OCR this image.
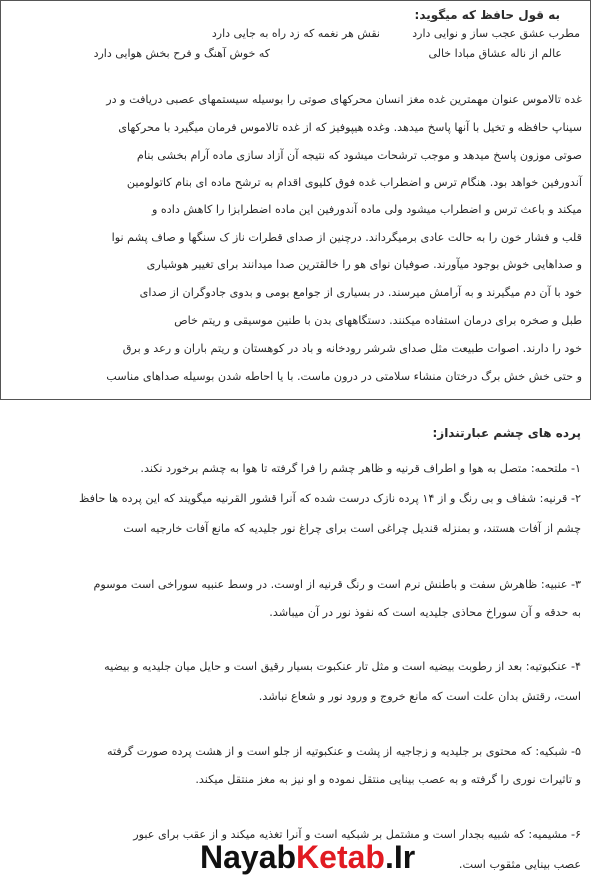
به قول حافظ که میگوید:
مطرب عشق عجب ساز و نوایی دارد
نقش هر نغمه که زد راه به جایی دارد
عالم از ناله عشاق مبادا خالی
که خوش آهنگ و فرح بخش هوایی دارد
غده تالاموس عنوان مهمترین غده مغز انسان محرکهای صوتی را بوسیله سیستمهای عصبی دریافت و در
سیناپ حافظه و تخیل با آنها پاسخ میدهد. وغده هیپوفیز که از غده تالاموس فرمان میگیرد با محرکهای
صوتی موزون پاسخ میدهد و موجب ترشحات میشود که نتیجه آن آزاد سازی ماده آرام بخشی بنام
آندورفین خواهد بود. هنگام ترس و اضطراب غده فوق کلیوی اقدام به ترشح ماده ای بنام کاتولومین
میکند و باعث ترس و اضطراب میشود ولی ماده آندورفین این ماده اضطرابزا را کاهش داده و
قلب و فشار خون را به حالت عادی برمیگرداند. درچنین از صدای قطرات ناز ک سنگها و صاف پشم نوا
و صداهایی خوش بوجود میآورند. صوفیان نوای هو را خالقترین صدا میدانند برای تغییر هوشیاری
خود با آن دم میگیرند و به آرامش میرسند. در بسیاری از جوامع بومی و بدوی جادوگران از صدای
طبل و صخره برای درمان استفاده میکنند. دستگاههای بدن با طنین موسیقی و ریتم خاص
خود را دارند. اصوات طبیعت مثل صدای شرشر رودخانه و باد در کوهستان و ریتم باران و رعد و برق
و حتی خش خش برگ درختان منشاء سلامتی در درون ماست. با یا احاطه شدن بوسیله صداهای مناسب
پرده های چشم عبارتنداز:
۱- ملتحمه: متصل به هوا و اطراف قرنیه و ظاهر چشم را فرا گرفته تا هوا به چشم برخورد نکند.
۲- قرنیه: شفاف و بی رنگ و از ۱۴ پرده نازک درست شده که آنرا قشور القرنیه میگویند که این پرده ها حافظ
چشم از آفات هستند، و بمنزله قندیل چراغی است برای چراغ نور جلیدیه که مانع آفات خارجیه است
۳- عنبیه: ظاهرش سفت و باطنش نرم است و رنگ قرنیه از اوست. در وسط عنبیه سوراخی است موسوم
به حدقه و آن سوراخ محاذی جلیدیه است که نفوذ نور در آن میباشد.
۴- عنکبوتیه: بعد از رطوبت بیضیه است و مثل تار عنکبوت بسیار رقیق است و حایل میان جلیدیه و بیضیه
است، رقتش بدان علت است که مانع خروج و ورود نور و شعاع نباشد.
۵- شبکیه: که محتوی بر جلیدیه و زجاجیه از پشت و عنکبوتیه از جلو است و از هشت پرده صورت گرفته
و تاثیرات نوری را گرفته و به عصب بینایی منتقل نموده و او نیز به مغز منتقل میکند.
۶- مشیمیه: که شبیه بجدار است و مشتمل بر شبکیه است و آنرا تغذیه میکند و از عقب برای عبور
عصب بینایی مثقوب است.
NayabKetab.Ir
